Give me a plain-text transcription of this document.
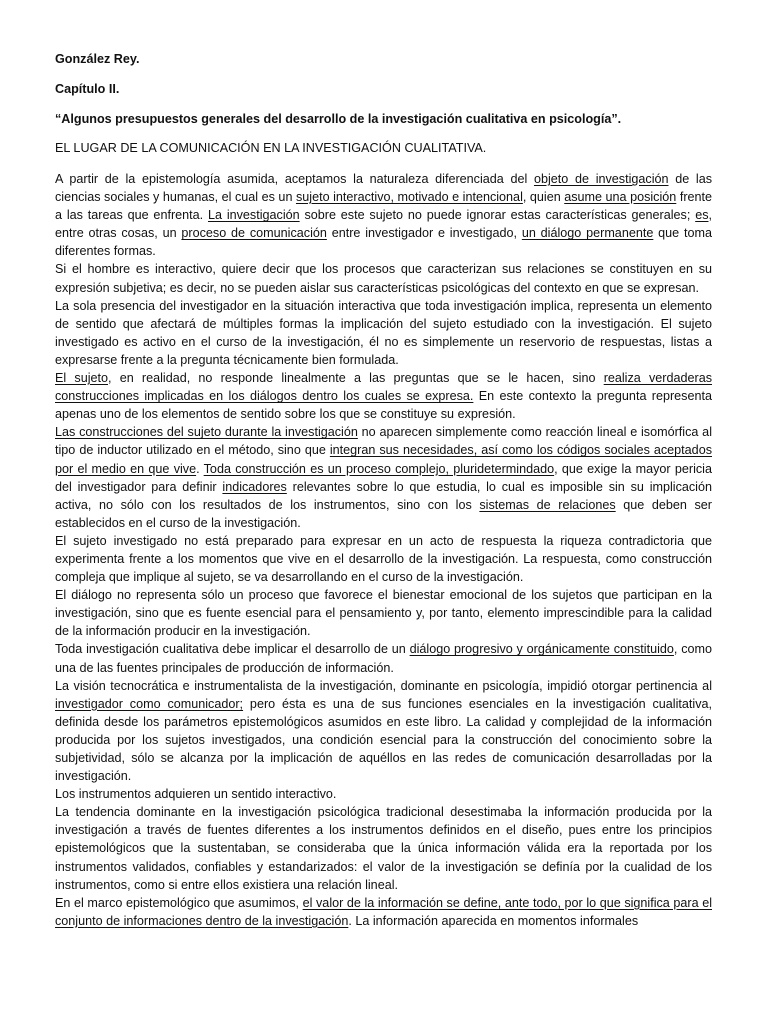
González Rey.

Capítulo II.

“Algunos presupuestos generales del desarrollo de la investigación cualitativa en psicología”.

EL LUGAR DE LA COMUNICACIÓN EN LA INVESTIGACIÓN CUALITATIVA.

A partir de la epistemología asumida, aceptamos la naturaleza diferenciada del objeto de investigación de las ciencias sociales y humanas, el cual es un sujeto interactivo, motivado e intencional, quien asume una posición frente a las tareas que enfrenta. La investigación sobre este sujeto no puede ignorar estas características generales; es, entre otras cosas, un proceso de comunicación entre investigador e investigado, un diálogo permanente que toma diferentes formas.

Si el hombre es interactivo, quiere decir que los procesos que caracterizan sus relaciones se constituyen en su expresión subjetiva; es decir, no se pueden aislar sus características psicológicas del contexto en que se expresan.

La sola presencia del investigador en la situación interactiva que toda investigación implica, representa un elemento de sentido que afectará de múltiples formas la implicación del sujeto estudiado con la investigación. El sujeto investigado es activo en el curso de la investigación, él no es simplemente un reservorio de respuestas, listas a expresarse frente a la pregunta técnicamente bien formulada.

El sujeto, en realidad, no responde linealmente a las preguntas que se le hacen, sino realiza verdaderas construcciones implicadas en los diálogos dentro los cuales se expresa. En este contexto la pregunta representa apenas uno de los elementos de sentido sobre los que se constituye su expresión.

Las construcciones del sujeto durante la investigación no aparecen simplemente como reacción lineal e isomórfica al tipo de inductor utilizado en el método, sino que integran sus necesidades, así como los códigos sociales aceptados por el medio en que vive. Toda construcción es un proceso complejo, pluridetermindado, que exige la mayor pericia del investigador para definir indicadores relevantes sobre lo que estudia, lo cual es imposible sin su implicación activa, no sólo con los resultados de los instrumentos, sino con los sistemas de relaciones que deben ser establecidos en el curso de la investigación.

El sujeto investigado no está preparado para expresar en un acto de respuesta la riqueza contradictoria que experimenta frente a los momentos que vive en el desarrollo de la investigación. La respuesta, como construcción compleja que implique al sujeto, se va desarrollando en el curso de la investigación.

El diálogo no representa sólo un proceso que favorece el bienestar emocional de los sujetos que participan en la investigación, sino que es fuente esencial para el pensamiento y, por tanto, elemento imprescindible para la calidad de la información producir en la investigación.

Toda investigación cualitativa debe implicar el desarrollo de un diálogo progresivo y orgánicamente constituido, como una de las fuentes principales de producción de información.

La visión tecnocrática e instrumentalista de la investigación, dominante en psicología, impidió otorgar pertinencia al investigador como comunicador; pero ésta es una de sus funciones esenciales en la investigación cualitativa, definida desde los parámetros epistemológicos asumidos en este libro. La calidad y complejidad de la información producida por los sujetos investigados, una condición esencial para la construcción del conocimiento sobre la subjetividad, sólo se alcanza por la implicación de aquéllos en las redes de comunicación desarrolladas por la investigación.

Los instrumentos adquieren un sentido interactivo.

La tendencia dominante en la investigación psicológica tradicional desestimaba la información producida por la investigación a través de fuentes diferentes a los instrumentos definidos en el diseño, pues entre los principios epistemológicos que la sustentaban, se consideraba que la única información válida era la reportada por los instrumentos validados, confiables y estandarizados: el valor de la investigación se definía por la cualidad de los instrumentos, como si entre ellos existiera una relación lineal.

En el marco epistemológico que asumimos, el valor de la información se define, ante todo, por lo que significa para el conjunto de informaciones dentro de la investigación. La información aparecida en momentos informales
